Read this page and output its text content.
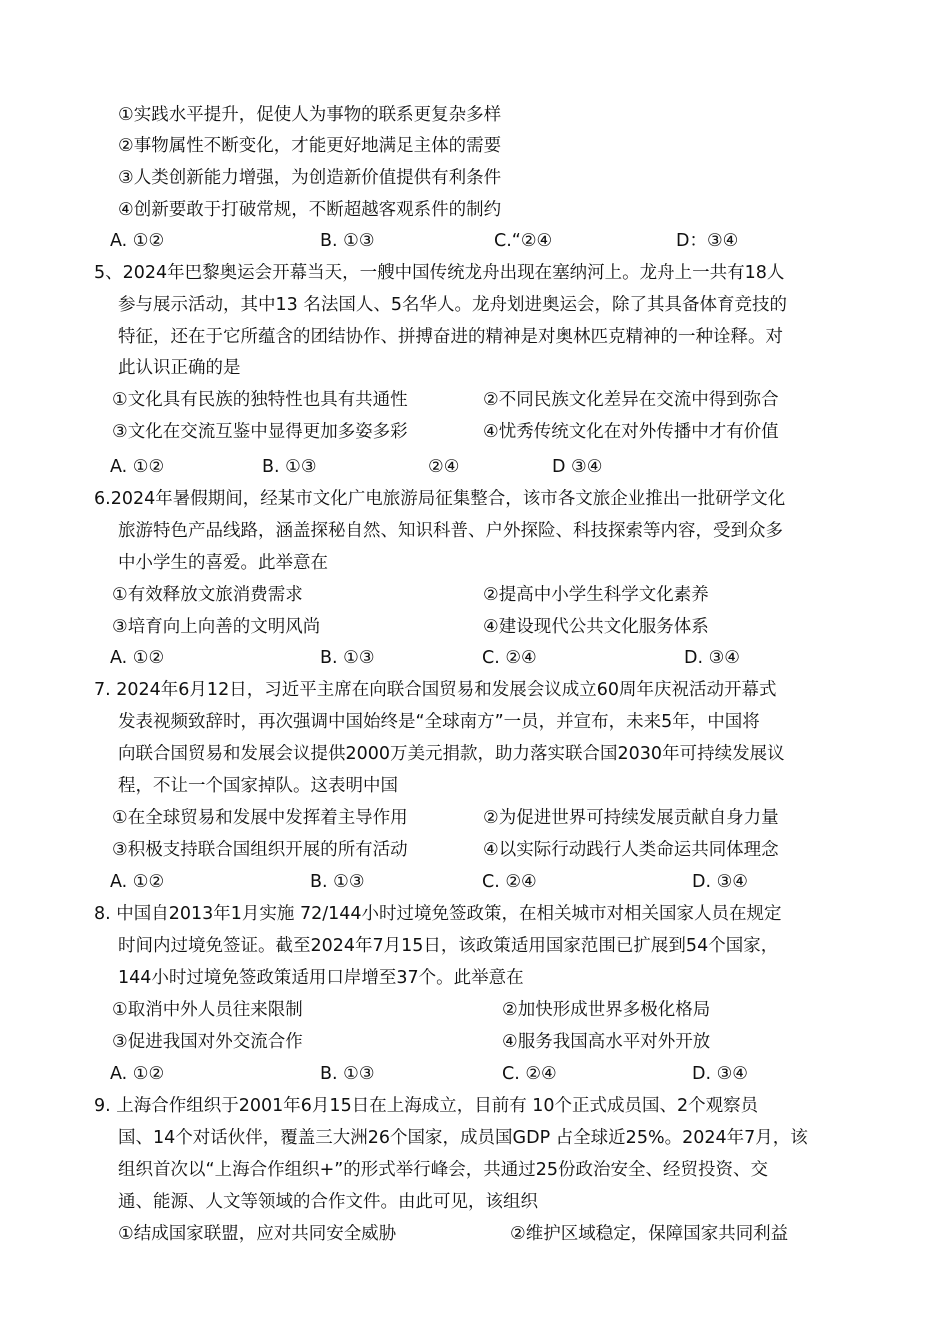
①实践水平提升，促使人为事物的联系更复杂多样
②事物属性不断变化，才能更好地满足主体的需要
③人类创新能力增强，为创造新价值提供有利条件
④创新要敢于打破常规，不断超越客观系件的制约
A. ①②	B. ①③	C.“②④	D：③④
5、2024年巴黎奥运会开幕当天，一艘中国传统龙舟出现在塞纳河上。龙舟上一共有18人
参与展示活动，其中13 名法国人、5名华人。龙舟划进奥运会，除了其具备体育竞技的
特征，还在于它所蕴含的团结协作、拼搏奋进的精神是对奥林匹克精神的一种诠释。对
此认识正确的是
①文化具有民族的独特性也具有共通性	②不同民族文化差异在交流中得到弥合
③文化在交流互鉴中显得更加多姿多彩	④忧秀传统文化在对外传播中才有价值
A. ①②	B. ①③	②④	D ③④
6.2024年暑假期间，经某市文化广电旅游局征集整合，该市各文旅企业推出一批研学文化
旅游特色产品线路，涵盖探秘自然、知识科普、户外探险、科技探索等内容，受到众多
中小学生的喜爱。此举意在
①有效释放文旅消费需求	②提高中小学生科学文化素养
③培育向上向善的文明风尚	④建设现代公共文化服务体系
A. ①②	B. ①③	C. ②④	D. ③④
7. 2024年6月12日，习近平主席在向联合国贸易和发展会议成立60周年庆祝活动开幕式
发表视频致辞时，再次强调中国始终是“全球南方”一员，并宣布，未来5年，中国将
向联合国贸易和发展会议提供2000万美元捐款，助力落实联合国2030年可持续发展议
程，不让一个国家掉队。这表明中国
①在全球贸易和发展中发挥着主导作用	②为促进世界可持续发展贡献自身力量
③积极支持联合国组织开展的所有活动	④以实际行动践行人类命运共同体理念
A. ①②	B. ①③	C. ②④	D. ③④
8. 中国自2013年1月实施 72/144小时过境免签政策，在相关城市对相关国家人员在规定
时间内过境免签证。截至2024年7月15日，该政策适用国家范围已扩展到54个国家，
144小时过境免签政策适用口岸增至37个。此举意在
①取消中外人员往来限制	②加快形成世界多极化格局
③促进我国对外交流合作	④服务我国高水平对外开放
A. ①②	B. ①③	C. ②④	D. ③④
9. 上海合作组织于2001年6月15日在上海成立，目前有 10个正式成员国、2个观察员
国、14个对话伙伴，覆盖三大洲26个国家，成员国GDP 占全球近25%。2024年7月，该
组织首次以“上海合作组织+”的形式举行峰会，共通过25份政治安全、经贸投资、交
通、能源、人文等领域的合作文件。由此可见，该组织
①结成国家联盟，应对共同安全威胁	②维护区域稳定，保障国家共同利益
